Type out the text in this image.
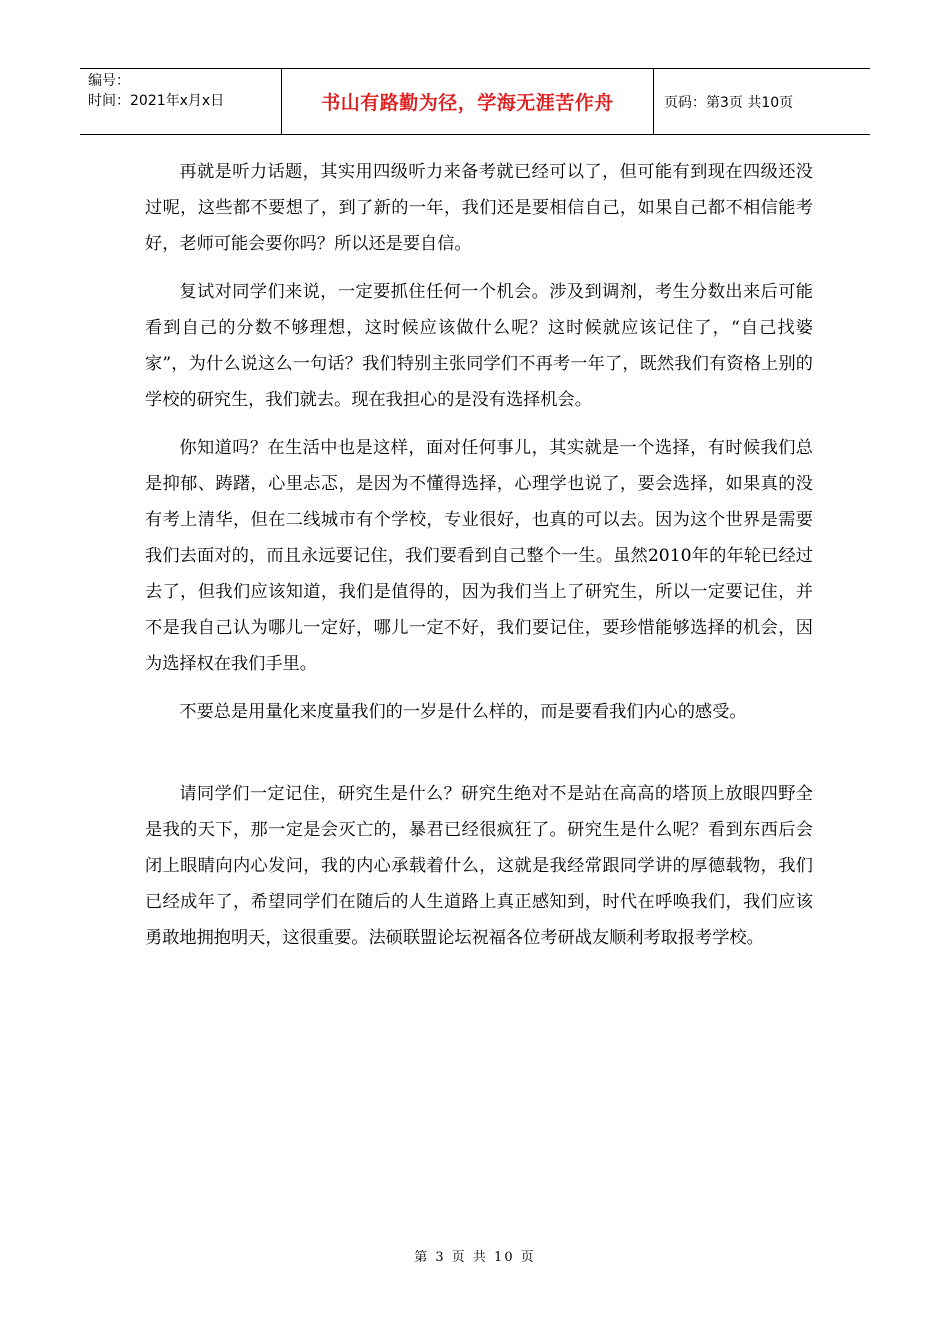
编号：
时间：2021年x月x日	书山有路勤为径，学海无涯苦作舟	页码：第3页 共10页

再就是听力话题，其实用四级听力来备考就已经可以了，但可能有到现在四级还没过呢，这些都不要想了，到了新的一年，我们还是要相信自己，如果自己都不相信能考好，老师可能会要你吗？所以还是要自信。

复试对同学们来说，一定要抓住任何一个机会。涉及到调剂，考生分数出来后可能看到自己的分数不够理想，这时候应该做什么呢？这时候就应该记住了，“自己找婆家”，为什么说这么一句话？我们特别主张同学们不再考一年了，既然我们有资格上别的学校的研究生，我们就去。现在我担心的是没有选择机会。

你知道吗？在生活中也是这样，面对任何事儿，其实就是一个选择，有时候我们总是抑郁、踌躇，心里忐忑，是因为不懂得选择，心理学也说了，要会选择，如果真的没有考上清华，但在二线城市有个学校，专业很好，也真的可以去。因为这个世界是需要我们去面对的，而且永远要记住，我们要看到自己整个一生。虽然2010年的年轮已经过去了，但我们应该知道，我们是值得的，因为我们当上了研究生，所以一定要记住，并不是我自己认为哪儿一定好，哪儿一定不好，我们要记住，要珍惜能够选择的机会，因为选择权在我们手里。

不要总是用量化来度量我们的一岁是什么样的，而是要看我们内心的感受。

请同学们一定记住，研究生是什么？研究生绝对不是站在高高的塔顶上放眼四野全是我的天下，那一定是会灭亡的，暴君已经很疯狂了。研究生是什么呢？看到东西后会闭上眼睛向内心发问，我的内心承载着什么，这就是我经常跟同学讲的厚德载物，我们已经成年了，希望同学们在随后的人生道路上真正感知到，时代在呼唤我们，我们应该勇敢地拥抱明天，这很重要。法硕联盟论坛祝福各位考研战友顺利考取报考学校。

第 3 页 共 10 页
